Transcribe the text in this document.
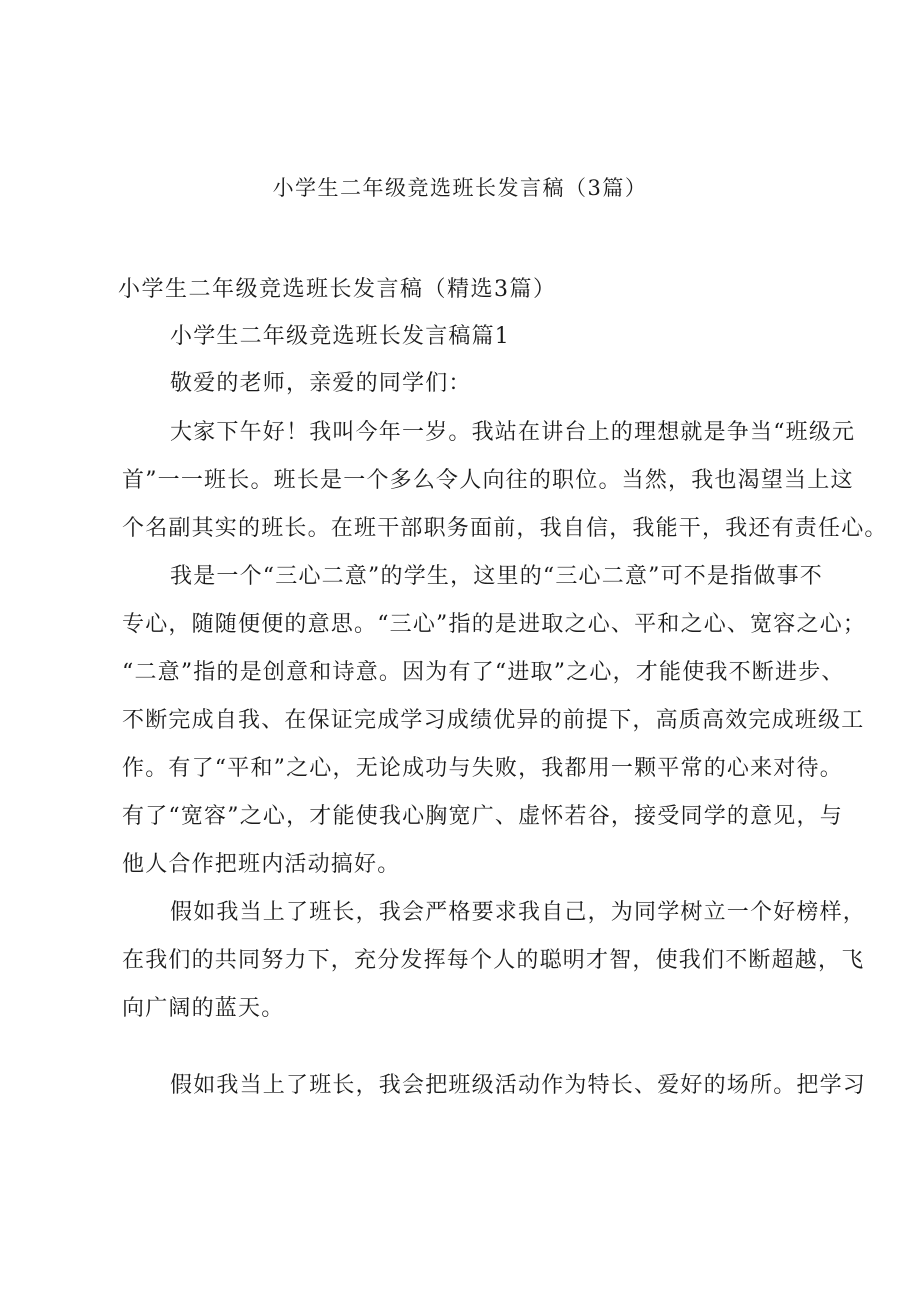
小学生二年级竞选班长发言稿（3篇）
小学生二年级竞选班长发言稿（精选3篇）
小学生二年级竞选班长发言稿篇1
敬爱的老师，亲爱的同学们：
大家下午好！我叫今年一岁。我站在讲台上的理想就是争当“班级元
首”一一班长。班长是一个多么令人向往的职位。当然，我也渴望当上这
个名副其实的班长。在班干部职务面前，我自信，我能干，我还有责任心。
我是一个“三心二意”的学生，这里的“三心二意”可不是指做事不
专心，随随便便的意思。“三心”指的是进取之心、平和之心、宽容之心；
“二意”指的是创意和诗意。因为有了“进取”之心，才能使我不断进步、
不断完成自我、在保证完成学习成绩优异的前提下，高质高效完成班级工
作。有了“平和”之心，无论成功与失败，我都用一颗平常的心来对待。
有了“宽容”之心，才能使我心胸宽广、虚怀若谷，接受同学的意见，与
他人合作把班内活动搞好。
假如我当上了班长，我会严格要求我自己，为同学树立一个好榜样，
在我们的共同努力下，充分发挥每个人的聪明才智，使我们不断超越，飞
向广阔的蓝天。
假如我当上了班长，我会把班级活动作为特长、爱好的场所。把学习
